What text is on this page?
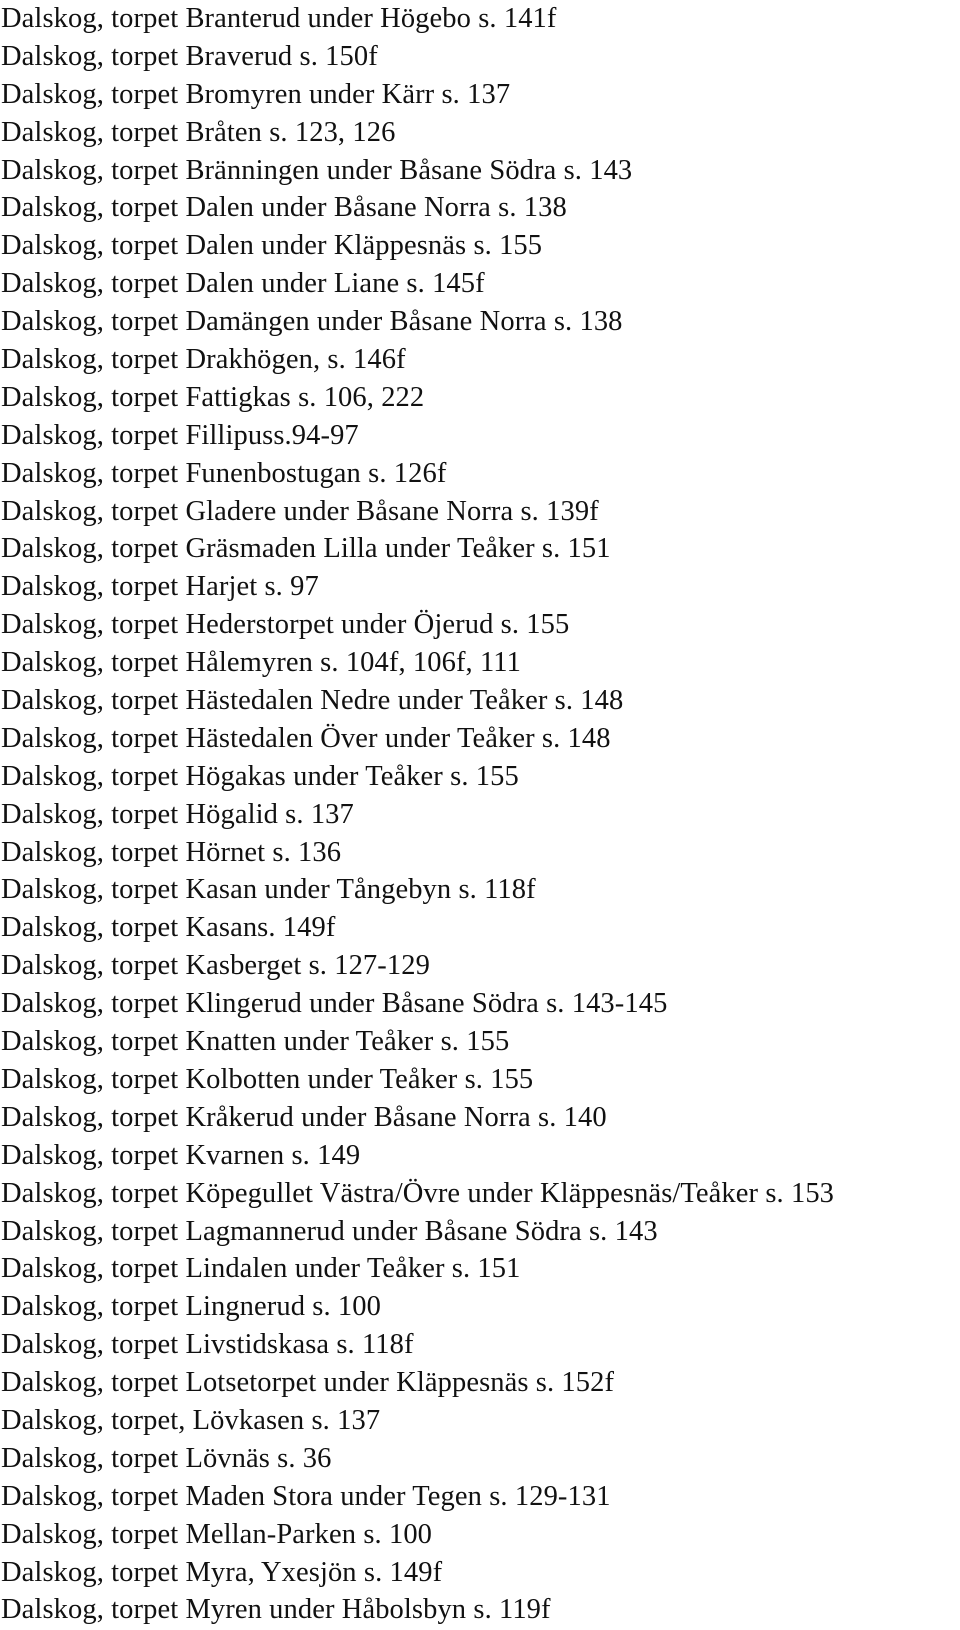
Dalskog, torpet Branterud under Högebo s. 141f
Dalskog, torpet Braverud s. 150f
Dalskog, torpet Bromyren under Kärr s. 137
Dalskog, torpet Bråten s. 123, 126
Dalskog, torpet Bränningen under Båsane Södra s. 143
Dalskog, torpet Dalen under Båsane Norra s. 138
Dalskog, torpet Dalen under Kläppesnäs s. 155
Dalskog, torpet Dalen under Liane s. 145f
Dalskog, torpet Damängen under Båsane Norra s. 138
Dalskog, torpet Drakhögen, s. 146f
Dalskog, torpet Fattigkas s. 106, 222
Dalskog, torpet Fillipuss.94-97
Dalskog, torpet Funenbostugan s. 126f
Dalskog, torpet Gladere under Båsane Norra s. 139f
Dalskog, torpet Gräsmaden Lilla under Teåker s. 151
Dalskog, torpet Harjet s. 97
Dalskog, torpet Hederstorpet under Öjerud s. 155
Dalskog, torpet Hålemyren s. 104f, 106f, 111
Dalskog, torpet Hästedalen Nedre under Teåker s. 148
Dalskog, torpet Hästedalen Över under Teåker s. 148
Dalskog, torpet Högakas under Teåker s. 155
Dalskog, torpet Högalid s. 137
Dalskog, torpet Hörnet s. 136
Dalskog, torpet Kasan under Tångebyn s. 118f
Dalskog, torpet Kasans. 149f
Dalskog, torpet Kasberget s. 127-129
Dalskog, torpet Klingerud under Båsane Södra s. 143-145
Dalskog, torpet Knatten under Teåker s. 155
Dalskog, torpet Kolbotten under Teåker s. 155
Dalskog, torpet Kråkerud under Båsane Norra s. 140
Dalskog, torpet Kvarnen s. 149
Dalskog, torpet Köpegullet Västra/Övre under Kläppesnäs/Teåker s. 153
Dalskog, torpet Lagmannerud under Båsane Södra s. 143
Dalskog, torpet Lindalen under Teåker s. 151
Dalskog, torpet Lingnerud s. 100
Dalskog, torpet Livstidskasa s. 118f
Dalskog, torpet Lotsetorpet under Kläppesnäs s. 152f
Dalskog, torpet, Lövkasen s. 137
Dalskog, torpet Lövnäs s. 36
Dalskog, torpet Maden Stora under Tegen s. 129-131
Dalskog, torpet Mellan-Parken s. 100
Dalskog, torpet Myra, Yxesjön s. 149f
Dalskog, torpet Myren under Håbolsbyn s. 119f
